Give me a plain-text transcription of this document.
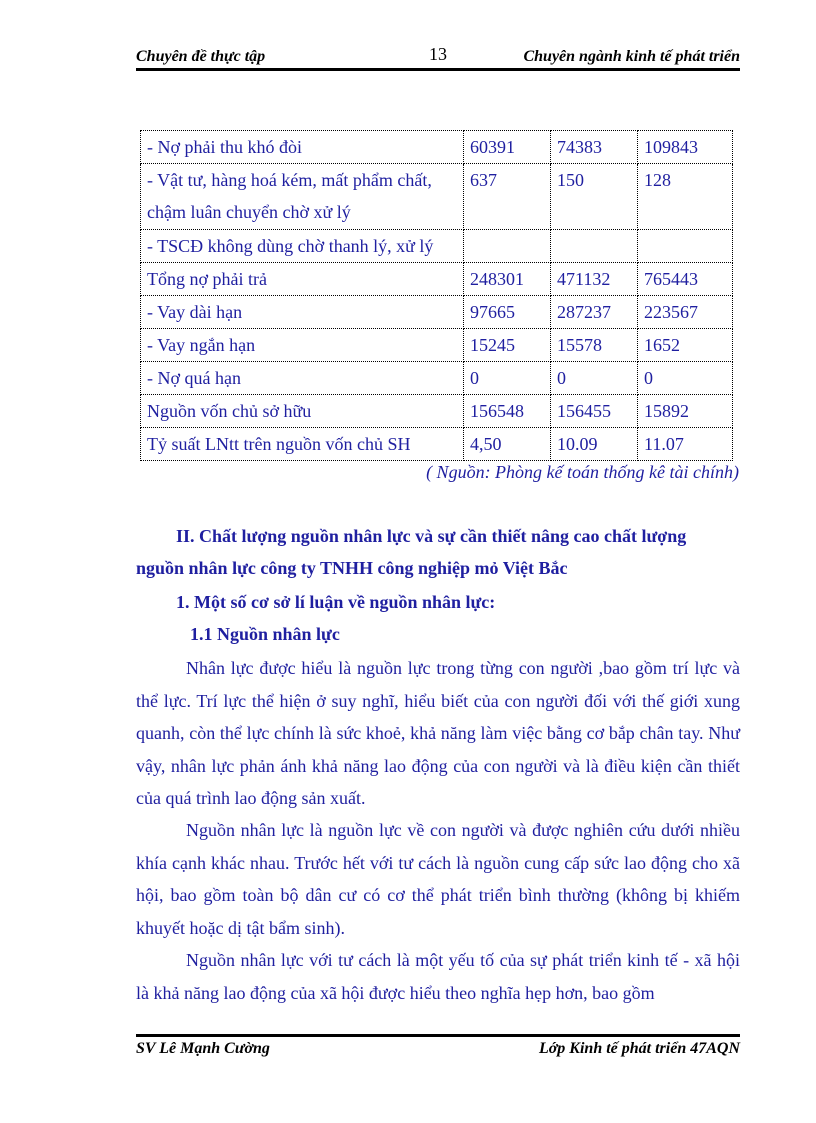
Chuyên đề thực tập	13	Chuyên ngành kinh tế phát triển
- Nợ phải thu khó đòi	60391	74383	109843
- Vật tư, hàng hoá kém, mất phẩm chất, chậm luân chuyển chờ xử lý	637	150	128
- TSCĐ không dùng chờ thanh lý, xử lý			
Tổng nợ phải trả	248301	471132	765443
- Vay dài hạn	97665	287237	223567
- Vay ngắn hạn	15245	15578	1652
- Nợ quá hạn	0	0	0
Nguồn vốn chủ sở hữu	156548	156455	15892
Tỷ suất LNtt trên nguồn vốn chủ SH	4,50	10.09	11.07
( Nguồn: Phòng kế toán thống kê tài chính)
II. Chất lượng nguồn nhân lực và sự cần thiết nâng cao chất lượng
nguồn nhân lực công ty TNHH công nghiệp mỏ Việt Bắc
1. Một số cơ sở lí luận về nguồn nhân lực:
1.1 Nguồn nhân lực

Nhân lực được hiểu là nguồn lực trong từng con người ,bao gồm trí lực và thể lực. Trí lực thể hiện ở suy nghĩ, hiểu biết của con người đối với thế giới xung quanh, còn thể lực chính là sức khoẻ, khả năng làm việc bằng cơ bắp chân tay. Như vậy, nhân lực phản ánh khả năng lao động của con người và là điều kiện cần thiết của quá trình lao động sản xuất.

Nguồn nhân lực là nguồn lực về con người và được nghiên cứu dưới nhiều khía cạnh khác nhau. Trước hết với tư cách là nguồn cung cấp sức lao động cho xã hội, bao gồm toàn bộ dân cư có cơ thể phát triển bình thường (không bị khiếm khuyết hoặc dị tật bẩm sinh).

Nguồn nhân lực với tư cách là một yếu tố của sự phát triển kinh tế - xã hội là khả năng lao động của xã hội được hiểu theo nghĩa hẹp hơn, bao gồm

SV Lê Mạnh Cường	Lớp Kinh tế phát triển 47AQN
